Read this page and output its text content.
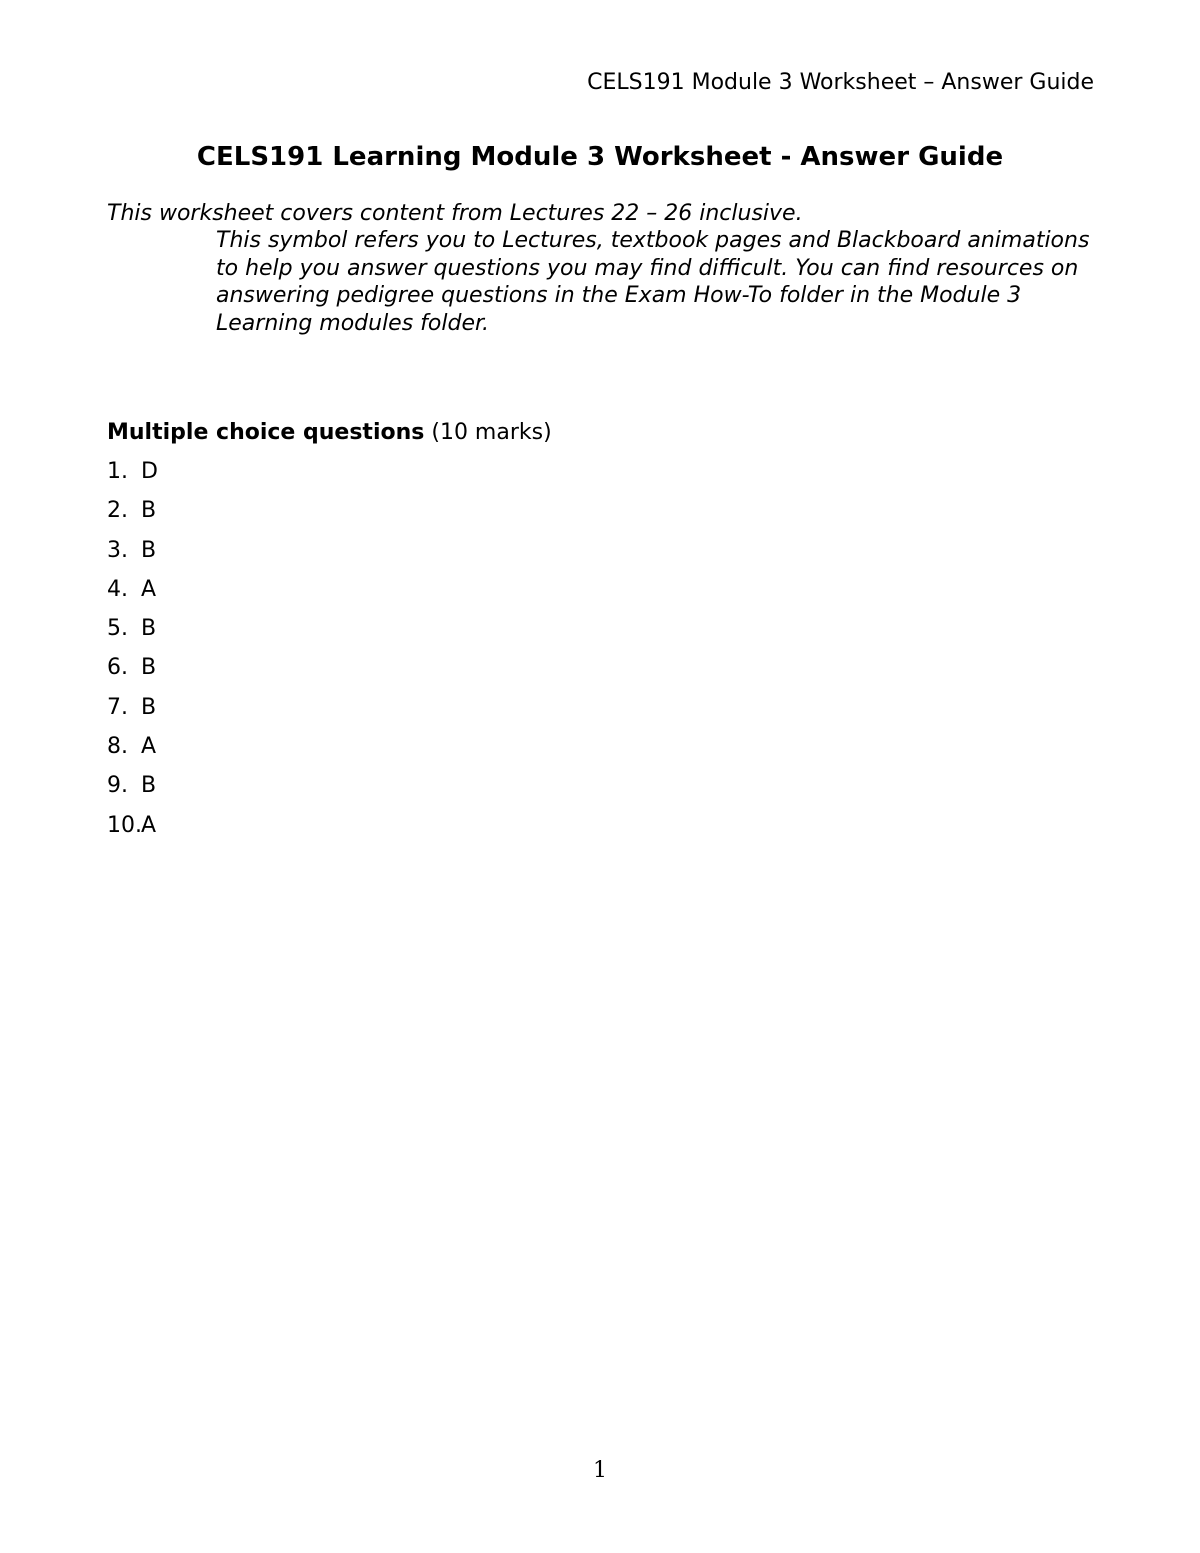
CELS191 Module 3 Worksheet – Answer Guide
CELS191 Learning Module 3 Worksheet - Answer Guide
This worksheet covers content from Lectures 22 – 26 inclusive.
This symbol refers you to Lectures, textbook pages and Blackboard animations to help you answer questions you may find difficult. You can find resources on answering pedigree questions in the Exam How-To folder in the Module 3 Learning modules folder.
Multiple choice questions (10 marks)
1. D
2. B
3. B
4. A
5. B
6. B
7. B
8. A
9. B
10. A
1
